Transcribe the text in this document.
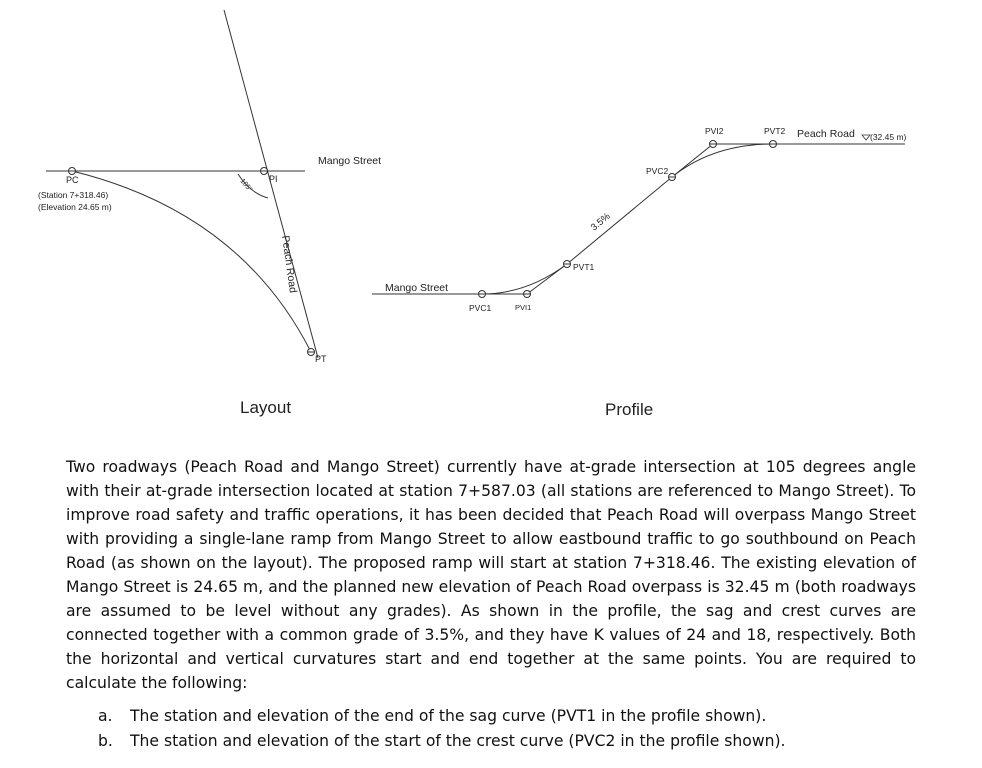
PC
(Station 7+318.46)
(Elevation 24.65 m)
PI
PT
105°
Mango Street
Peach Road	Mango Street
Peach Road (32.45 m)
3.5%
PVC1	PVI1
PVT1
PVC2
PVI2	PVT2
Layout	Profile

Two roadways (Peach Road and Mango Street) currently have at-grade intersection at 105 degrees angle with their at-grade intersection located at station 7+587.03 (all stations are referenced to Mango Street). To improve road safety and traffic operations, it has been decided that Peach Road will overpass Mango Street with providing a single-lane ramp from Mango Street to allow eastbound traffic to go southbound on Peach Road (as shown on the layout). The proposed ramp will start at station 7+318.46. The existing elevation of Mango Street is 24.65 m, and the planned new elevation of Peach Road overpass is 32.45 m (both roadways are assumed to be level without any grades). As shown in the profile, the sag and crest curves are connected together with a common grade of 3.5%, and they have K values of 24 and 18, respectively. Both the horizontal and vertical curvatures start and end together at the same points. You are required to calculate the following:

a. The station and elevation of the end of the sag curve (PVT1 in the profile shown).
b. The station and elevation of the start of the crest curve (PVC2 in the profile shown).
